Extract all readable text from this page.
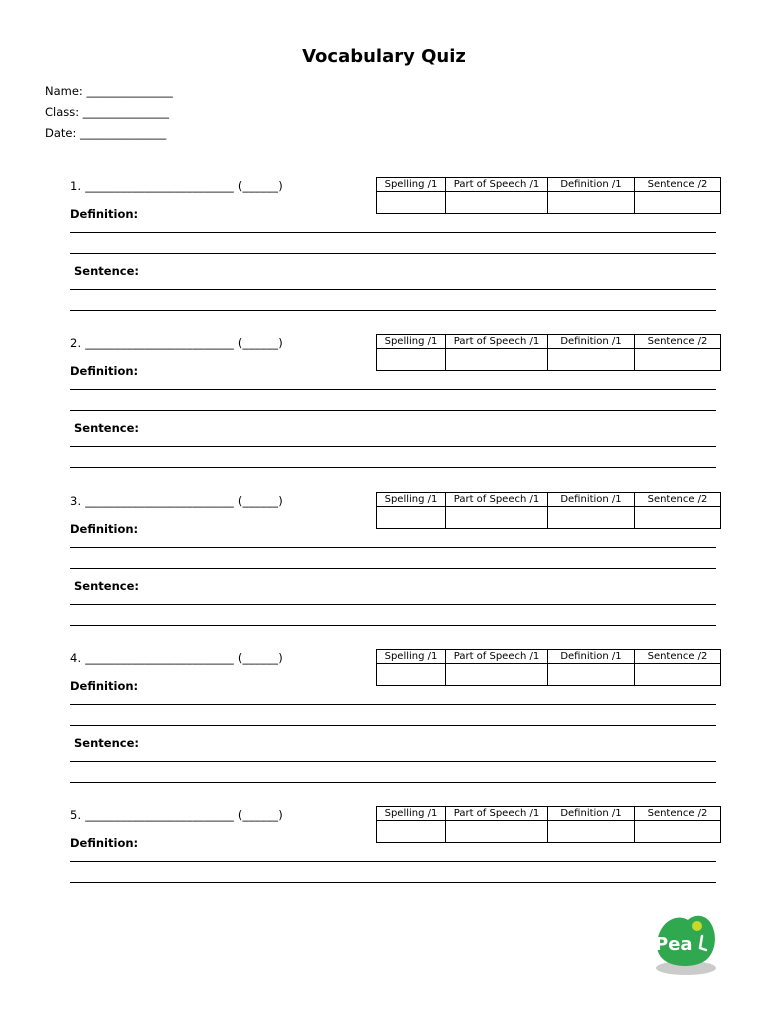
Vocabulary Quiz
Name: _______________
Class: _______________
Date: _______________
1. _________________________ (______)	Spelling /1	Part of Speech /1	Definition /1	Sentence /2

Definition:
Sentence:
2. _________________________ (______)	Spelling /1	Part of Speech /1	Definition /1	Sentence /2

Definition:
Sentence:
3. _________________________ (______)	Spelling /1	Part of Speech /1	Definition /1	Sentence /2

Definition:
Sentence:
4. _________________________ (______)	Spelling /1	Part of Speech /1	Definition /1	Sentence /2

Definition:
Sentence:
5. _________________________ (______)	Spelling /1	Part of Speech /1	Definition /1	Sentence /2

Definition:
Pea
